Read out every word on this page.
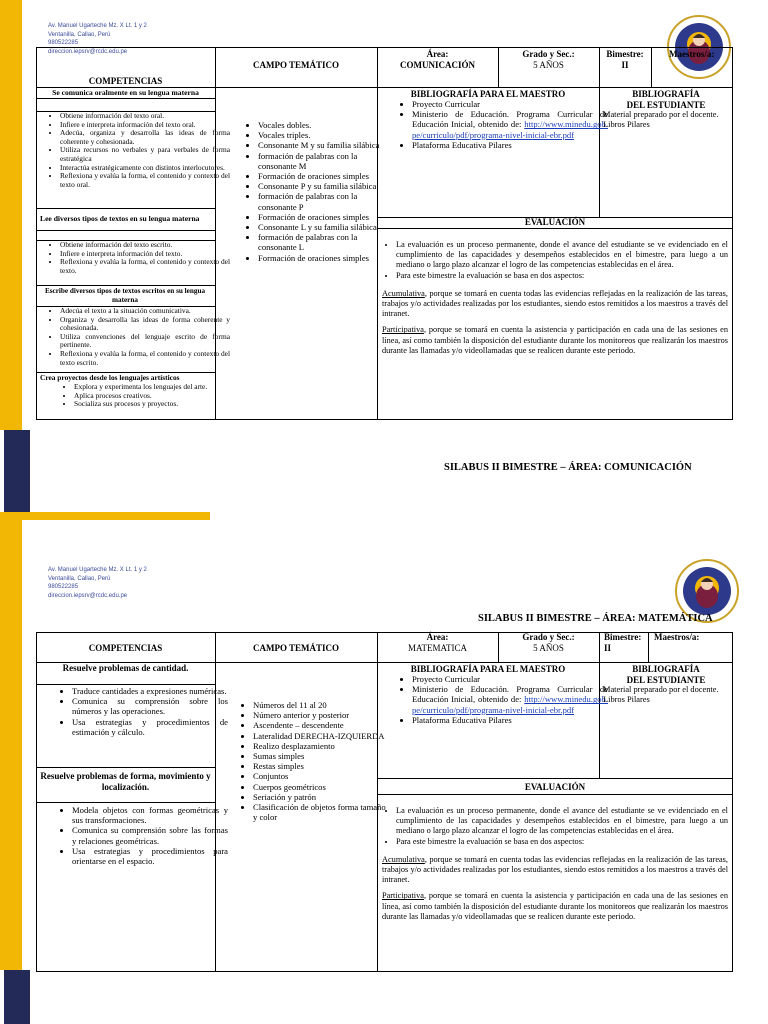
Av. Manuel Ugarteche Mz. X Lt. 1 y 2
Ventanilla, Callao, Perú
980522285
direccion.iepsrv@rcdc.edu.pe
COMPETENCIAS
CAMPO TEMÁTICO
Área:
COMUNICACIÓN
Grado y Sec.:
5 AÑOS
Bimestre:
II
Maestros/a:
Se comunica oralmente en su lengua materna
• Obtiene información del texto oral.
• Infiere e interpreta información del texto oral.
• Adecúa, organiza y desarrolla las ideas de forma coherente y cohesionada.
• Utiliza recursos no verbales y para verbales de forma estratégica
• Interactúa estratégicamente con distintos interlocutores.
• Reflexiona y evalúa la forma, el contenido y contexto del texto oral.
Lee diversos tipos de textos en su lengua materna
• Obtiene información del texto escrito.
• Infiere e interpreta información del texto.
• Reflexiona y evalúa la forma, el contenido y contexto del texto.
Escribe diversos tipos de textos escritos en su lengua materna
• Adecúa el texto a la situación comunicativa.
• Organiza y desarrolla las ideas de forma coherente y cohesionada.
• Utiliza convenciones del lenguaje escrito de forma pertinente.
• Reflexiona y evalúa la forma, el contenido y contexto del texto escrito.
Crea proyectos desde los lenguajes artísticos
• Explora y experimenta los lenguajes del arte.
• Aplica procesos creativos.
• Socializa sus procesos y proyectos.
• Vocales dobles.
• Vocales triples.
• Consonante M y su familia silábica
• formación de palabras con la consonante M
• Formación de oraciones simples
• Consonante P y su familia silábica
• formación de palabras con la consonante P
• Formación de oraciones simples
• Consonante L y su familia silábica
• formación de palabras con la consonante L
• Formación de oraciones simples
BIBLIOGRAFÍA PARA EL MAESTRO
• Proyecto Curricular
• Ministerio de Educación. Programa Curricular de Educación Inicial, obtenido de: http://www.minedu.gob.pe/curriculo/pdf/programa-nivel-inicial-ebr.pdf
• Plataforma Educativa Pilares
BIBLIOGRAFÍA
DEL ESTUDIANTE
Material preparado por el docente. Libros Pilares
EVALUACIÓN
• La evaluación es un proceso permanente, donde el avance del estudiante se ve evidenciado en el cumplimiento de las capacidades y desempeños establecidos en el bimestre, para luego a un mediano o largo plazo alcanzar el logro de las competencias establecidas en el área.
• Para este bimestre la evaluación se basa en dos aspectos:

Acumulativa, porque se tomará en cuenta todas las evidencias reflejadas en la realización de las tareas, trabajos y/o actividades realizadas por los estudiantes, siendo estos remitidos a los maestros a través del intranet.

Participativa, porque se tomará en cuenta la asistencia y participación en cada una de las sesiones en línea, así como también la disposición del estudiante durante los monitoreos que realizarán los maestros durante las llamadas y/o videollamadas que se realicen durante este periodo.

SILABUS II BIMESTRE – ÁREA: COMUNICACIÓN
Av. Manuel Ugarteche Mz. X Lt. 1 y 2
Ventanilla, Callao, Perú
980522285
direccion.iepsrv@rcdc.edu.pe
SILABUS II BIMESTRE – ÁREA: MATEMÁTICA
COMPETENCIAS	CAMPO TEMÁTICO
Área:
MATEMATICA
Grado y Sec.:
5 AÑOS
Bimestre:
II
Maestros/a:
Resuelve problemas de cantidad.
• Traduce cantidades a expresiones numéricas.
• Comunica su comprensión sobre los números y las operaciones.
• Usa estrategias y procedimientos de estimación y cálculo.
Resuelve problemas de forma, movimiento y localización.
• Modela objetos con formas geométricas y sus transformaciones.
• Comunica su comprensión sobre las formas y relaciones geométricas.
• Usa estrategias y procedimientos para orientarse en el espacio.
• Números del 11 al 20
• Número anterior y posterior
• Ascendente – descendente
• Lateralidad DERECHA-IZQUIERDA
• Realizo desplazamiento
• Sumas simples
• Restas simples
• Conjuntos
• Cuerpos geométricos
• Seriación y patrón
• Clasificación de objetos forma tamaño y color
BIBLIOGRAFÍA PARA EL MAESTRO
• Proyecto Curricular
• Ministerio de Educación. Programa Curricular de Educación Inicial, obtenido de: http://www.minedu.gob.pe/curriculo/pdf/programa-nivel-inicial-ebr.pdf
• Plataforma Educativa Pilares
BIBLIOGRAFÍA
DEL ESTUDIANTE
Material preparado por el docente. Libros Pilares
EVALUACIÓN
• La evaluación es un proceso permanente, donde el avance del estudiante se ve evidenciado en el cumplimiento de las capacidades y desempeños establecidos en el bimestre, para luego a un mediano o largo plazo alcanzar el logro de las competencias establecidas en el área.
• Para este bimestre la evaluación se basa en dos aspectos:

Acumulativa, porque se tomará en cuenta todas las evidencias reflejadas en la realización de las tareas, trabajos y/o actividades realizadas por los estudiantes, siendo estos remitidos a los maestros a través del intranet.

Participativa, porque se tomará en cuenta la asistencia y participación en cada una de las sesiones en línea, así como también la disposición del estudiante durante los monitoreos que realizarán los maestros durante las llamadas y/o videollamadas que se realicen durante este periodo.
